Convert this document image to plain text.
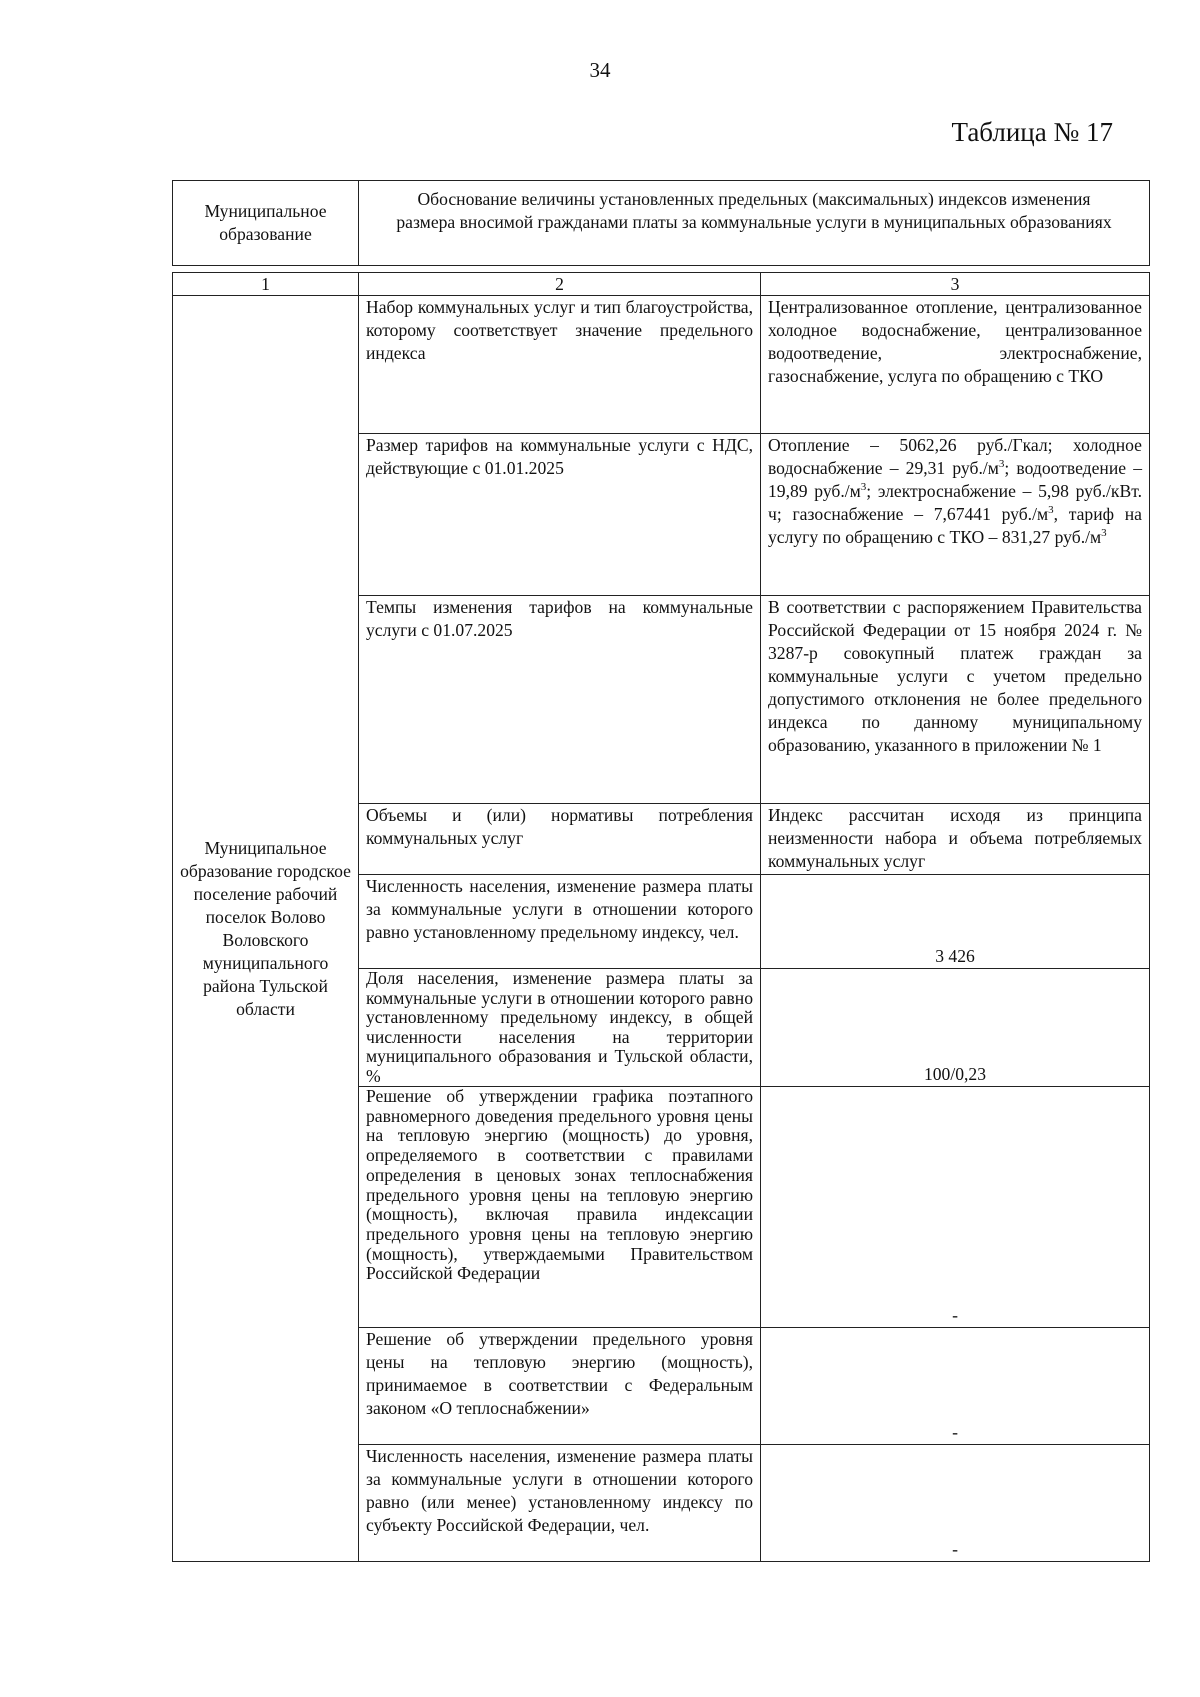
34
Таблица № 17
Муниципальное образование	Обоснование величины установленных предельных (максимальных) индексов изменения размера вносимой гражданами платы за коммунальные услуги в муниципальных образованиях
1	2	3
Муниципальное образование городское поселение рабочий поселок Волово Воловского муниципального района Тульской области	Набор коммунальных услуг и тип благоустройства, которому соответствует значение предельного индекса	Централизованное отопление, централизованное холодное водоснабжение, централизованное водоотведение, электроснабжение, газоснабжение, услуга по обращению с ТКО
	Размер тарифов на коммунальные услуги с НДС, действующие с 01.01.2025	Отопление – 5062,26 руб./Гкал; холодное водоснабжение – 29,31 $руб./м^3$; водоотведение – 19,89 $руб./м^3$; электроснабжение – 5,98 руб./кВт. ч; газоснабжение – 7,67441 $руб./м^3$, тариф на услугу по обращению с ТКО – 831,27 $руб./м^3$
	Темпы изменения тарифов на коммунальные услуги с 01.07.2025	В соответствии с распоряжением Правительства Российской Федерации от 15 ноября 2024 г. № 3287-р совокупный платеж граждан за коммунальные услуги с учетом предельно допустимого отклонения не более предельного индекса по данному муниципальному образованию, указанного в приложении № 1
	Объемы и (или) нормативы потребления коммунальных услуг	Индекс рассчитан исходя из принципа неизменности набора и объема потребляемых коммунальных услуг
	Численность населения, изменение размера платы за коммунальные услуги в отношении которого равно установленному предельному индексу, чел.	3 426
	Доля населения, изменение размера платы за коммунальные услуги в отношении которого равно установленному предельному индексу, в общей численности населения на территории муниципального образования и Тульской области, %	100/0,23
	Решение об утверждении графика поэтапного равномерного доведения предельного уровня цены на тепловую энергию (мощность) до уровня, определяемого в соответствии с правилами определения в ценовых зонах теплоснабжения предельного уровня цены на тепловую энергию (мощность), включая правила индексации предельного уровня цены на тепловую энергию (мощность), утверждаемыми Правительством Российской Федерации	-
	Решение об утверждении предельного уровня цены на тепловую энергию (мощность), принимаемое в соответствии с Федеральным законом «О теплоснабжении»	-
	Численность населения, изменение размера платы за коммунальные услуги в отношении которого равно (или менее) установленному индексу по субъекту Российской Федерации, чел.	-
